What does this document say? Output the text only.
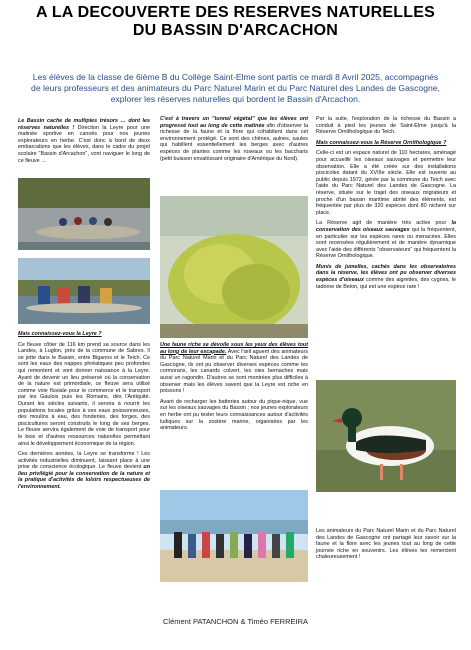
A LA DECOUVERTE DES RESERVES NATURELLES
DU BASSIN D'ARCACHON
Les élèves de la classe de 6ième B du Collège Saint-Elme sont partis ce mardi 8 Avril 2025, accompagnés de leurs professeurs et des animateurs du Parc Naturel Marin et du Parc Naturel des Landes de Gascogne, explorer les réserves naturelles qui bordent le Bassin d'Arcachon.

Le Bassin cache de multiples trésors … dont les réserves naturelles ! Direction la Leyre pour une matinée sportive en canoës pour nos jeunes explorateurs en herbe. C'est donc à bord de deux embarcations que les élèves, dans le cadre du projet scolaire "Bassin d'Arcachon", vont naviguer le long de ce fleuve …

Mais connaissez-vous la Leyre ?

Ce fleuve côtier de 116 km prend sa source dans les Landes, à Luglon, près de la commune de Sabres. Il se jette dans le Bassin, entre Biganos et le Teich. Ce sont les eaux des nappes phréatiques peu profondes qui remontent et vont donner naissance à la Leyre. Ayant de devenir un lieu préservé où la conservation de la nature est primordiale, ce fleuve sera utilisé comme voie fluviale pour le commerce et le transport par les Gaulois puis les Romains, dès l'Antiquité. Durant les siècles suivants, il servira à nourrir les populations locales grâce à ses eaux poissonneuses, des moulins à eau, des fonderies, des forges, des piscicultures seront construits le long de ses berges. Le fleuve servira également de voie de transport pour le bois et d'autres ressources naturelles permettant ainsi le développement économique de la région.

Ces dernières années, la Leyre se transforme ! Les activités industrielles diminuent, laissant place à une prise de conscience écologique. Le fleuve devient un lieu privilégié pour la conservation de la nature et la pratique d'activités de loisirs respectueuses de l'environnement.

C'est à travers un "tunnel végétal" que les élèves ont progressé tout au long de cette matinée afin d'observer la richesse de la faune et la flore qui cohabitent dans cet environnement protégé. Ce sont des chênes, aulnes, saules qui habillent essentiellement les berges avec d'autres espèces de plantes comme les roseaux ou les baccharis (petit buisson envahissant originaire d'Amérique du Nord).

Une faune riche se dévoile sous les yeux des élèves tout au long de leur escapade. Avec l'œil aguerri des animateurs du Parc Naturel Marin et du Parc Naturel des Landes de Gascogne, ils ont pu observer diverses espèces comme les cormorans, les canards colvert, les oies bernaches mais aussi un ragondin. D'autres se sont montrées plus difficiles à observer mais les élèves savent que la Leyre est riche en poissons !

Avant de recharger les batteries autour du pique-nique, vue sur les oiseaux sauvages du Bassin ; nos jeunes explorateurs en herbe ont pu tester leurs connaissances autour d'activités ludiques sur la zostère marine, organisées par les animateurs.

Par la suite, l'exploration de la richesse du Bassin a conduit à pied les jeunes de Saint-Elme jusqu'à la Réserve Ornithologique du Teich.

Mais connaissez-vous la Réserve Ornithologique ?

Celle-ci est un espace naturel de 110 hectares, aménagé pour accueillir les oiseaux sauvages et permettre leur observation. Elle a été créée sur des installations piscicoles datant du XVIIIe siècle. Elle est ouverte au public depuis 1972, gérée par la commune du Teich avec l'aide du Parc Naturel des Landes de Gascogne. La réserve, située sur le trajet des oiseaux migrateurs et proche d'un bassin maritime abrité des éléments, est fréquentée par plus de 320 espèces dont 80 nichent sur place.

La Réserve agit de manière très active pour la conservation des oiseaux sauvages qui la fréquentent, en particulier sur les espèces rares ou menacées. Elles sont recensées régulièrement et de manière dynamique avec l'aide des différents "observateurs" qui fréquentent la Réserve Ornithologique.

Munis de jumelles, cachés dans les observatoires dans la réserve, les élèves ont pu observer diverses espèces d'oiseaux comme des aigrettes, des cygnes, le tadorne de Belon, qui est une espèce rare !

Les animateurs du Parc Naturel Marin et du Parc Naturel des Landes de Gascogne ont partagé leur savoir sur la faune et la flore avec les jeunes tout au long de cette journée riche en souvenirs. Les élèves les remercient chaleureusement !

Clément PATANCHON & Timéo FERREIRA
